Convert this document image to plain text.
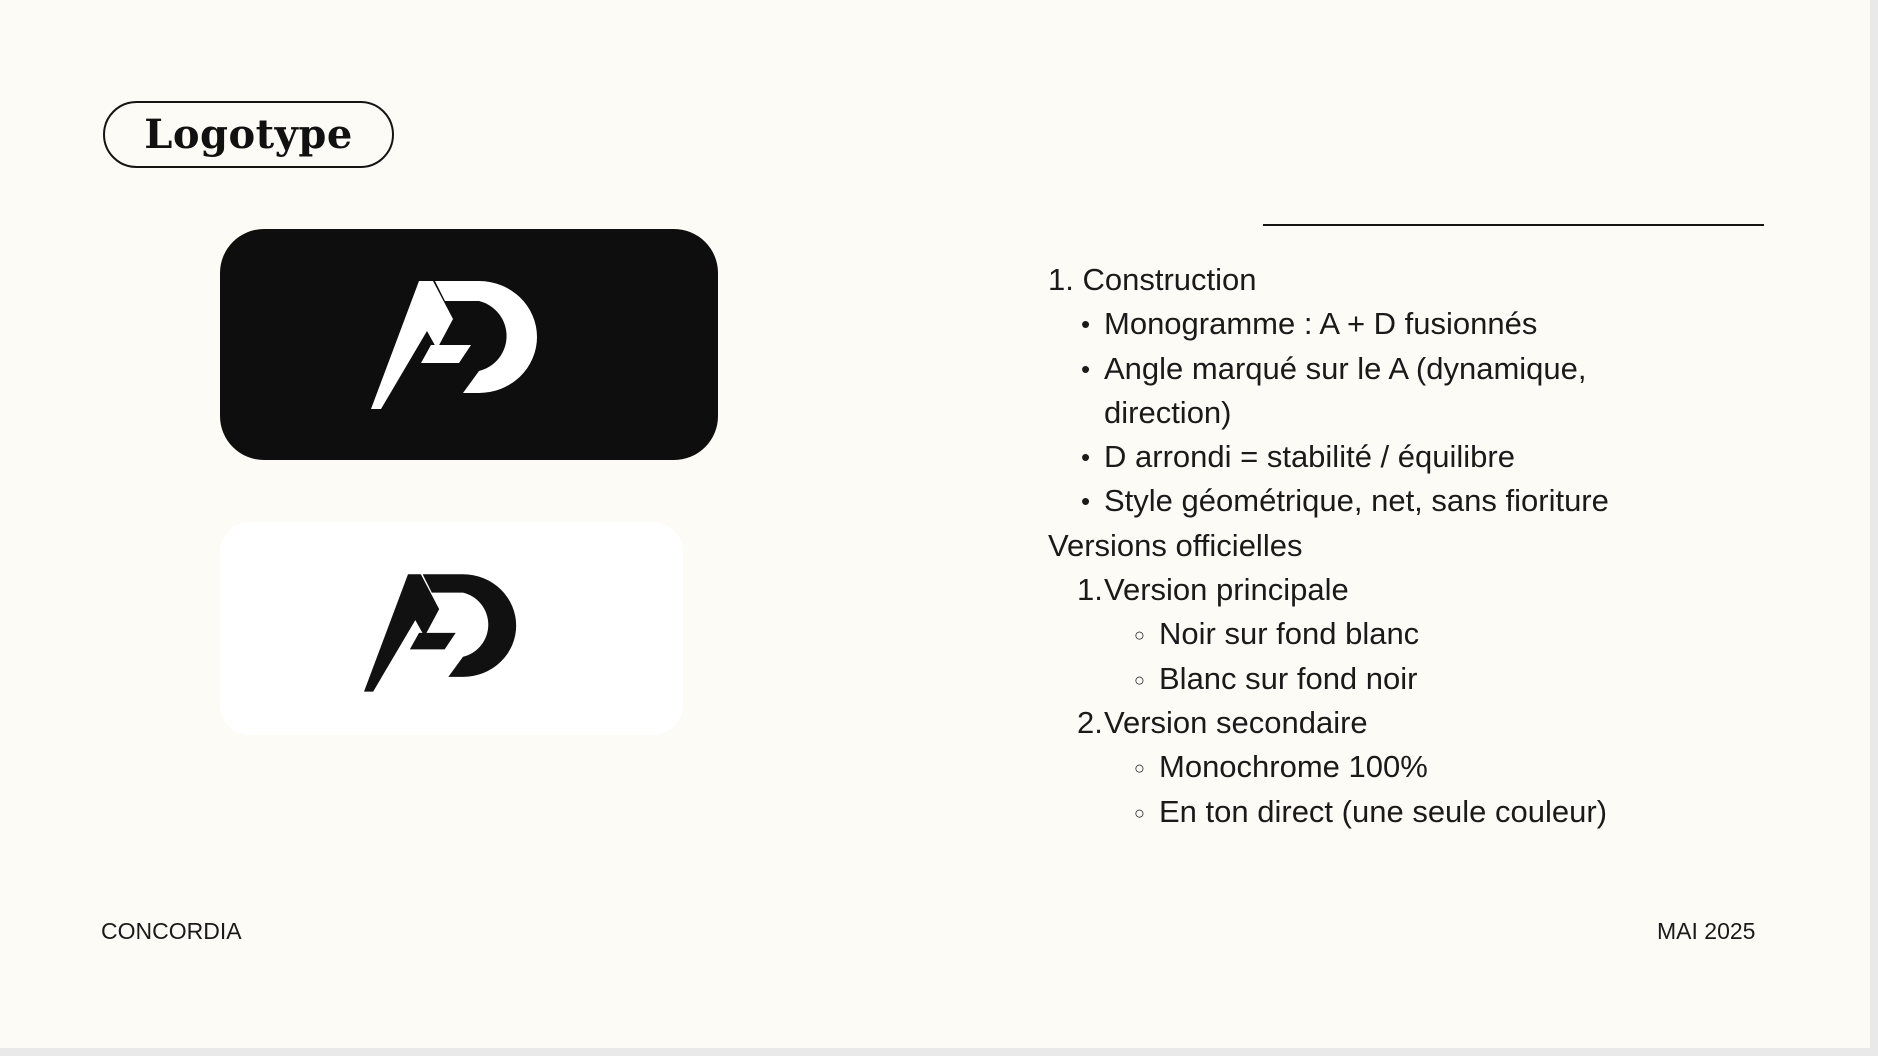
Logotype
1. Construction
• Monogramme : A + D fusionnés
• Angle marqué sur le A (dynamique,
direction)
• D arrondi = stabilité / équilibre
• Style géométrique, net, sans fioriture
Versions officielles
1. Version principale
○ Noir sur fond blanc
○ Blanc sur fond noir
2. Version secondaire
○ Monochrome 100%
○ En ton direct (une seule couleur)
CONCORDIA	MAI 2025
